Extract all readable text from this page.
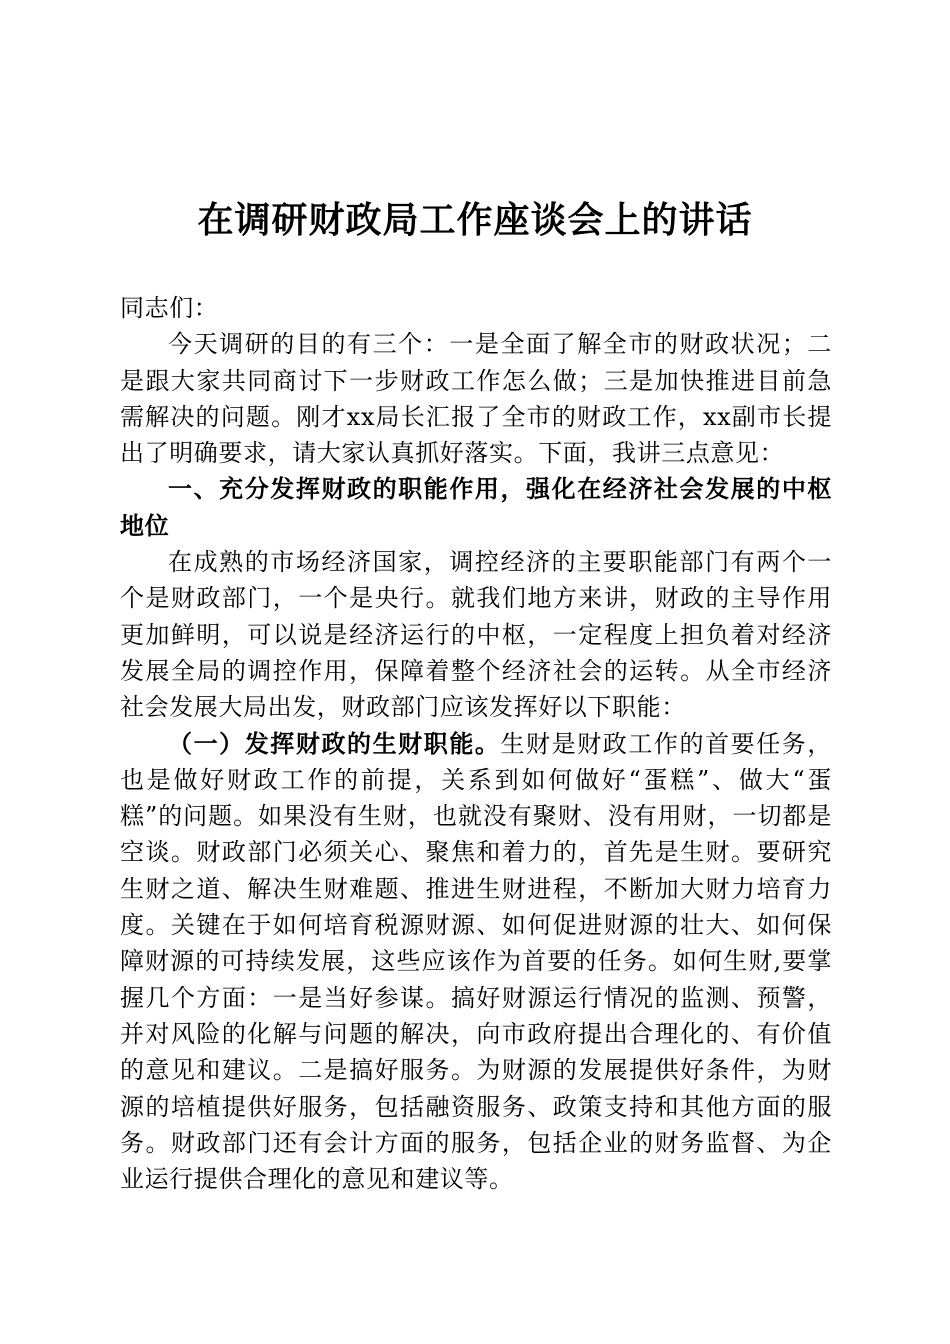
在调研财政局工作座谈会上的讲话

同志们：

今天调研的目的有三个：一是全面了解全市的财政状况；二是跟大家共同商讨下一步财政工作怎么做；三是加快推进目前急需解决的问题。刚才xx局长汇报了全市的财政工作，xx副市长提出了明确要求，请大家认真抓好落实。下面，我讲三点意见：

一、充分发挥财政的职能作用，强化在经济社会发展的中枢地位

在成熟的市场经济国家，调控经济的主要职能部门有两个一个是财政部门，一个是央行。就我们地方来讲，财政的主导作用更加鲜明，可以说是经济运行的中枢，一定程度上担负着对经济发展全局的调控作用，保障着整个经济社会的运转。从全市经济社会发展大局出发，财政部门应该发挥好以下职能：

（一）发挥财政的生财职能。生财是财政工作的首要任务，也是做好财政工作的前提，关系到如何做好“蛋糕”、做大“蛋糕”的问题。如果没有生财，也就没有聚财、没有用财，一切都是空谈。财政部门必须关心、聚焦和着力的，首先是生财。要研究生财之道、解决生财难题、推进生财进程，不断加大财力培育力度。关键在于如何培育税源财源、如何促进财源的壮大、如何保障财源的可持续发展，这些应该作为首要的任务。如何生财,要掌握几个方面：一是当好参谋。搞好财源运行情况的监测、预警，并对风险的化解与问题的解决，向市政府提出合理化的、有价值的意见和建议。二是搞好服务。为财源的发展提供好条件，为财源的培植提供好服务，包括融资服务、政策支持和其他方面的服务。财政部门还有会计方面的服务，包括企业的财务监督、为企业运行提供合理化的意见和建议等。
